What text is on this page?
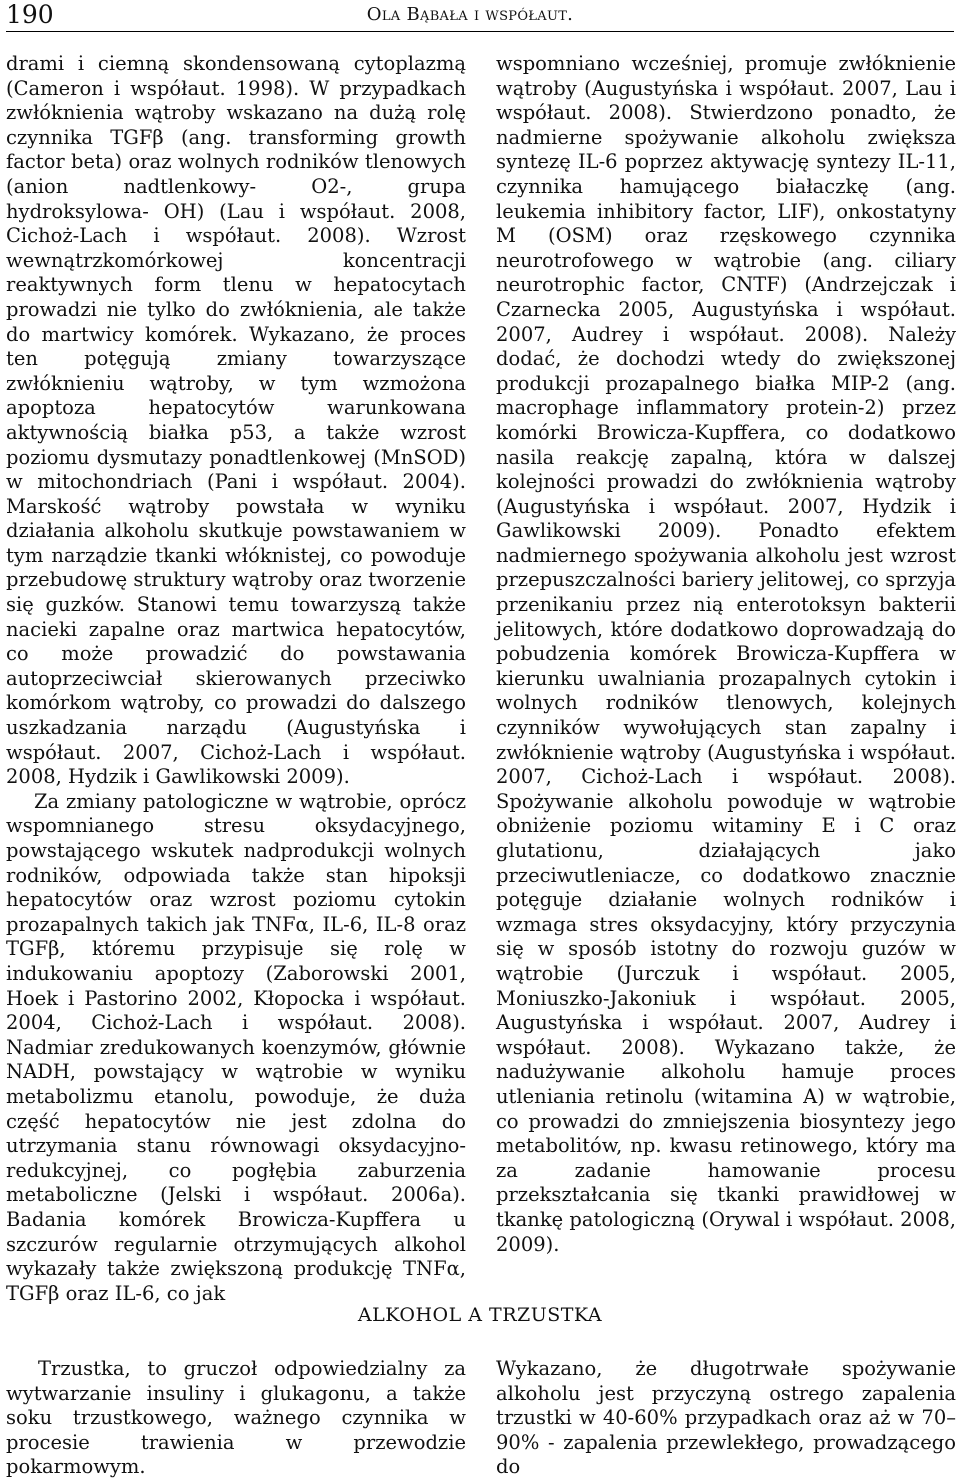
190	Ola Bąbała i współaut.

drami i ciemną skondensowaną cytoplazmą (Cameron i współaut. 1998). W przypadkach zwłóknienia wątroby wskazano na dużą rolę czynnika TGFβ (ang. transforming growth factor beta) oraz wolnych rodników tlenowych (anion nadtlenkowy- O2-, grupa hydroksylowa- OH) (Lau i współaut. 2008, Cichoż-Lach i współaut. 2008). Wzrost wewnątrzkomórkowej koncentracji reaktywnych form tlenu w hepatocytach prowadzi nie tylko do zwłóknienia, ale także do martwicy komórek. Wykazano, że proces ten potęgują zmiany towarzyszące zwłóknieniu wątroby, w tym wzmożona apoptoza hepatocytów warunkowana aktywnością białka p53, a także wzrost poziomu dysmutazy ponadtlenkowej (MnSOD) w mitochondriach (Pani i współaut. 2004). Marskość wątroby powstała w wyniku działania alkoholu skutkuje powstawaniem w tym narządzie tkanki włóknistej, co powoduje przebudowę struktury wątroby oraz tworzenie się guzków. Stanowi temu towarzyszą także nacieki zapalne oraz martwica hepatocytów, co może prowadzić do powstawania autoprzeciwciał skierowanych przeciwko komórkom wątroby, co prowadzi do dalszego uszkadzania narządu (Augustyńska i współaut. 2007, Cichoż-Lach i współaut. 2008, Hydzik i Gawlikowski 2009).

Za zmiany patologiczne w wątrobie, oprócz wspomnianego stresu oksydacyjnego, powstającego wskutek nadprodukcji wolnych rodników, odpowiada także stan hipoksji hepatocytów oraz wzrost poziomu cytokin prozapalnych takich jak TNFα, IL-6, IL-8 oraz TGFβ, któremu przypisuje się rolę w indukowaniu apoptozy (Zaborowski 2001, Hoek i Pastorino 2002, Kłopocka i współaut. 2004, Cichoż-Lach i współaut. 2008). Nadmiar zredukowanych koenzymów, głównie NADH, powstający w wątrobie w wyniku metabolizmu etanolu, powoduje, że duża część hepatocytów nie jest zdolna do utrzymania stanu równowagi oksydacyjno-redukcyjnej, co pogłębia zaburzenia metaboliczne (Jelski i współaut. 2006a). Badania komórek Browicza-Kupffera u szczurów regularnie otrzymujących alkohol wykazały także zwiększoną produkcję TNFα, TGFβ oraz IL-6, co jak

wspomniano wcześniej, promuje zwłóknienie wątroby (Augustyńska i współaut. 2007, Lau i współaut. 2008). Stwierdzono ponadto, że nadmierne spożywanie alkoholu zwiększa syntezę IL-6 poprzez aktywację syntezy IL-11, czynnika hamującego białaczkę (ang. leukemia inhibitory factor, LIF), onkostatyny M (OSM) oraz rzęskowego czynnika neurotrofowego w wątrobie (ang. ciliary neurotrophic factor, CNTF) (Andrzejczak i Czarnecka 2005, Augustyńska i współaut. 2007, Audrey i współaut. 2008). Należy dodać, że dochodzi wtedy do zwiększonej produkcji prozapalnego białka MIP-2 (ang. macrophage inflammatory protein-2) przez komórki Browicza-Kupffera, co dodatkowo nasila reakcję zapalną, która w dalszej kolejności prowadzi do zwłóknienia wątroby (Augustyńska i współaut. 2007, Hydzik i Gawlikowski 2009). Ponadto efektem nadmiernego spożywania alkoholu jest wzrost przepuszczalności bariery jelitowej, co sprzyja przenikaniu przez nią enterotoksyn bakterii jelitowych, które dodatkowo doprowadzają do pobudzenia komórek Browicza-Kupffera w kierunku uwalniania prozapalnych cytokin i wolnych rodników tlenowych, kolejnych czynników wywołujących stan zapalny i zwłóknienie wątroby (Augustyńska i współaut. 2007, Cichoż-Lach i współaut. 2008). Spożywanie alkoholu powoduje w wątrobie obniżenie poziomu witaminy E i C oraz glutationu, działających jako przeciwutleniacze, co dodatkowo znacznie potęguje działanie wolnych rodników i wzmaga stres oksydacyjny, który przyczynia się w sposób istotny do rozwoju guzów w wątrobie (Jurczuk i współaut. 2005, Moniuszko-Jakoniuk i współaut. 2005, Augustyńska i współaut. 2007, Audrey i współaut. 2008). Wykazano także, że nadużywanie alkoholu hamuje proces utleniania retinolu (witamina A) w wątrobie, co prowadzi do zmniejszenia biosyntezy jego metabolitów, np. kwasu retinowego, który ma za zadanie hamowanie procesu przekształcania się tkanki prawidłowej w tkankę patologiczną (Orywal i współaut. 2008, 2009).

ALKOHOL A TRZUSTKA
Trzustka, to gruczoł odpowiedzialny za wytwarzanie insuliny i glukagonu, a także soku trzustkowego, ważnego czynnika w procesie trawienia w przewodzie pokarmowym.
Wykazano, że długotrwałe spożywanie alkoholu jest przyczyną ostrego zapalenia trzustki w 40-60% przypadkach oraz aż w 70–90% - zapalenia przewlekłego, prowadzącego do
